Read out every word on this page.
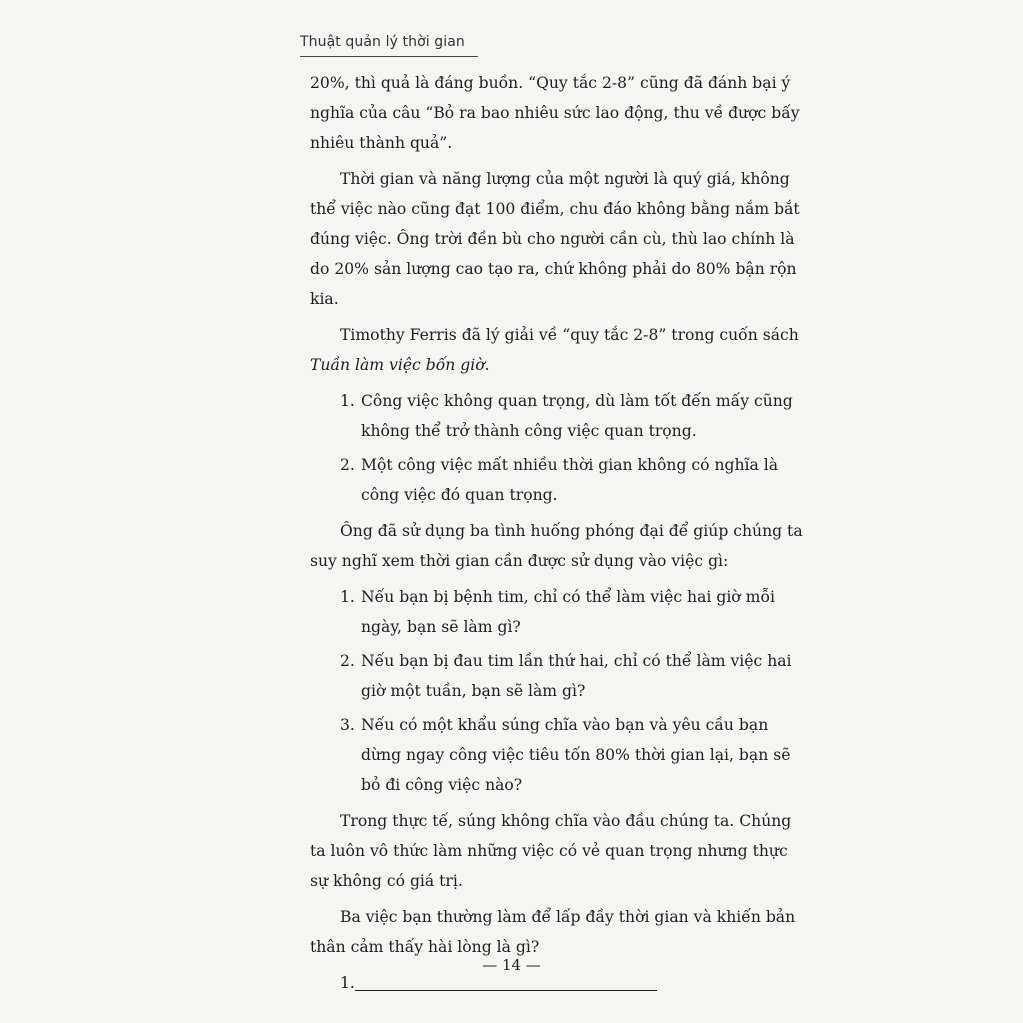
Thuật quản lý thời gian

20%, thì quả là đáng buồn. “Quy tắc 2-8” cũng đã đánh bại ý nghĩa của câu “Bỏ ra bao nhiêu sức lao động, thu về được bấy nhiêu thành quả”.

Thời gian và năng lượng của một người là quý giá, không thể việc nào cũng đạt 100 điểm, chu đáo không bằng nắm bắt đúng việc. Ông trời đền bù cho người cần cù, thù lao chính là do 20% sản lượng cao tạo ra, chứ không phải do 80% bận rộn kia.

Timothy Ferris đã lý giải về “quy tắc 2-8” trong cuốn sách Tuần làm việc bốn giờ.

1. Công việc không quan trọng, dù làm tốt đến mấy cũng không thể trở thành công việc quan trọng.
2. Một công việc mất nhiều thời gian không có nghĩa là công việc đó quan trọng.

Ông đã sử dụng ba tình huống phóng đại để giúp chúng ta suy nghĩ xem thời gian cần được sử dụng vào việc gì:

1. Nếu bạn bị bệnh tim, chỉ có thể làm việc hai giờ mỗi ngày, bạn sẽ làm gì?
2. Nếu bạn bị đau tim lần thứ hai, chỉ có thể làm việc hai giờ một tuần, bạn sẽ làm gì?
3. Nếu có một khẩu súng chĩa vào bạn và yêu cầu bạn dừng ngay công việc tiêu tốn 80% thời gian lại, bạn sẽ bỏ đi công việc nào?

Trong thực tế, súng không chĩa vào đầu chúng ta. Chúng ta luôn vô thức làm những việc có vẻ quan trọng nhưng thực sự không có giá trị.

Ba việc bạn thường làm để lấp đầy thời gian và khiến bản thân cảm thấy hài lòng là gì?

1.

— 14 —
